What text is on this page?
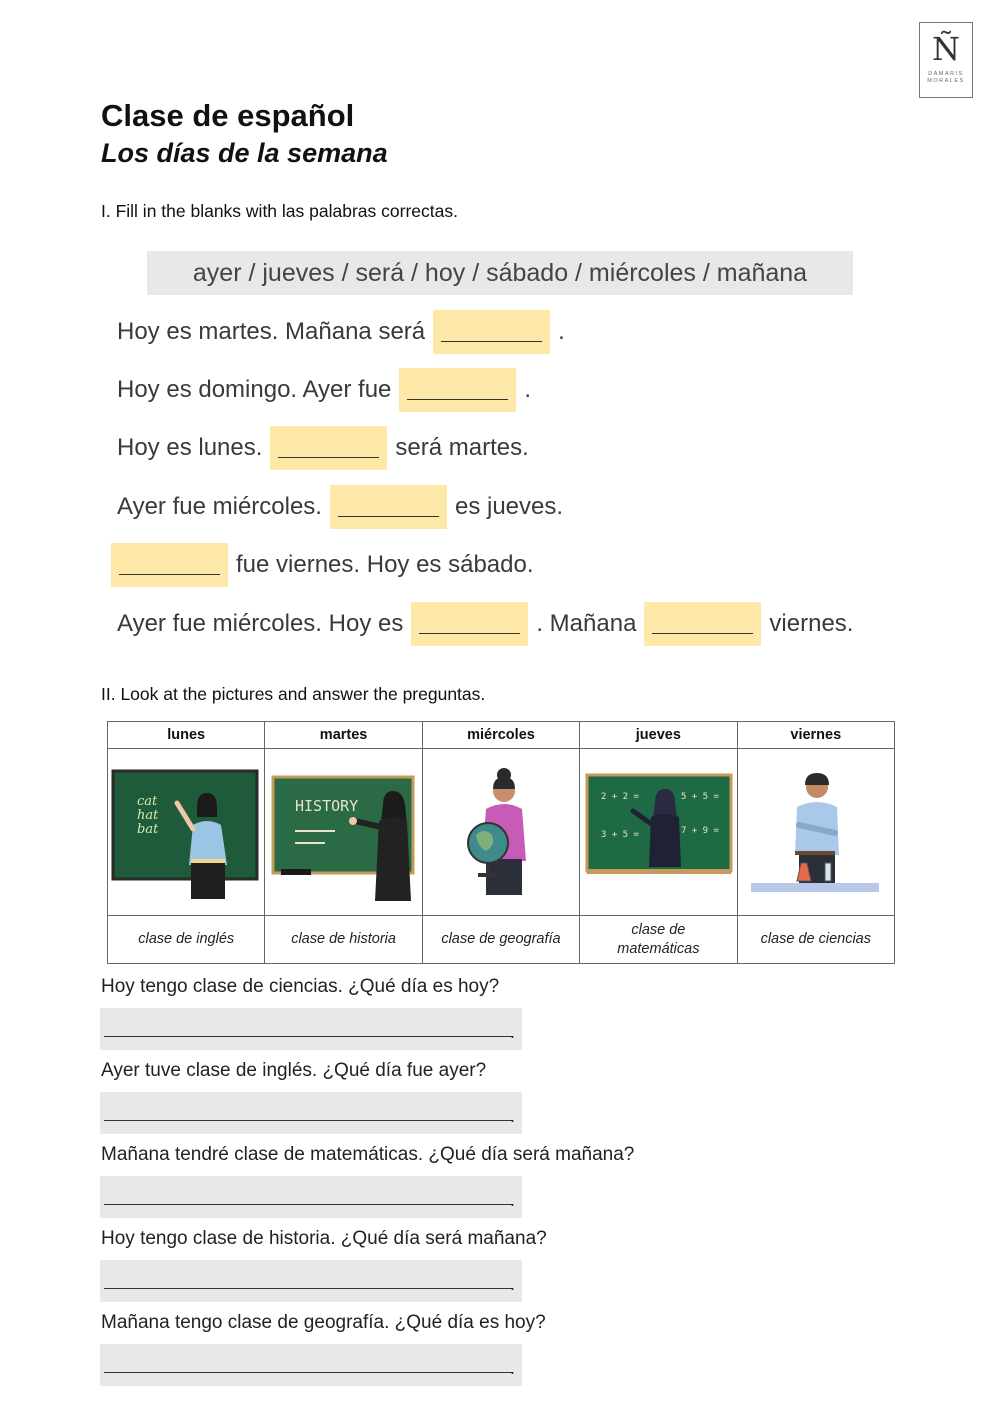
Ñ
DÁMARIS
MORALES
Clase de español
Los días de la semana
I. Fill in the blanks with las palabras correctas.
ayer / jueves / será / hoy / sábado / miércoles / mañana
Hoy es martes. Mañana será	.
Hoy es domingo. Ayer fue	.
Hoy es lunes.	será martes.
Ayer fue miércoles.	es jueves.
fue viernes. Hoy es sábado.
Ayer fue miércoles. Hoy es	. Mañana	viernes.
II. Look at the pictures and answer the preguntas.
lunes	martes	miércoles	jueves	viernes

cat
hat
bat	HISTORY		2 + 2 = 5 + 5 =
3 + 5 = 7 + 9 =

clase de inglés	clase de historia	clase de geografía	clase de matemáticas	clase de ciencias
Hoy tengo clase de ciencias. ¿Qué día es hoy?
.
Ayer tuve clase de inglés. ¿Qué día fue ayer?
.
Mañana tendré clase de matemáticas. ¿Qué día será mañana?
.
Hoy tengo clase de historia. ¿Qué día será mañana?
.
Mañana tengo clase de geografía. ¿Qué día es hoy?
.
